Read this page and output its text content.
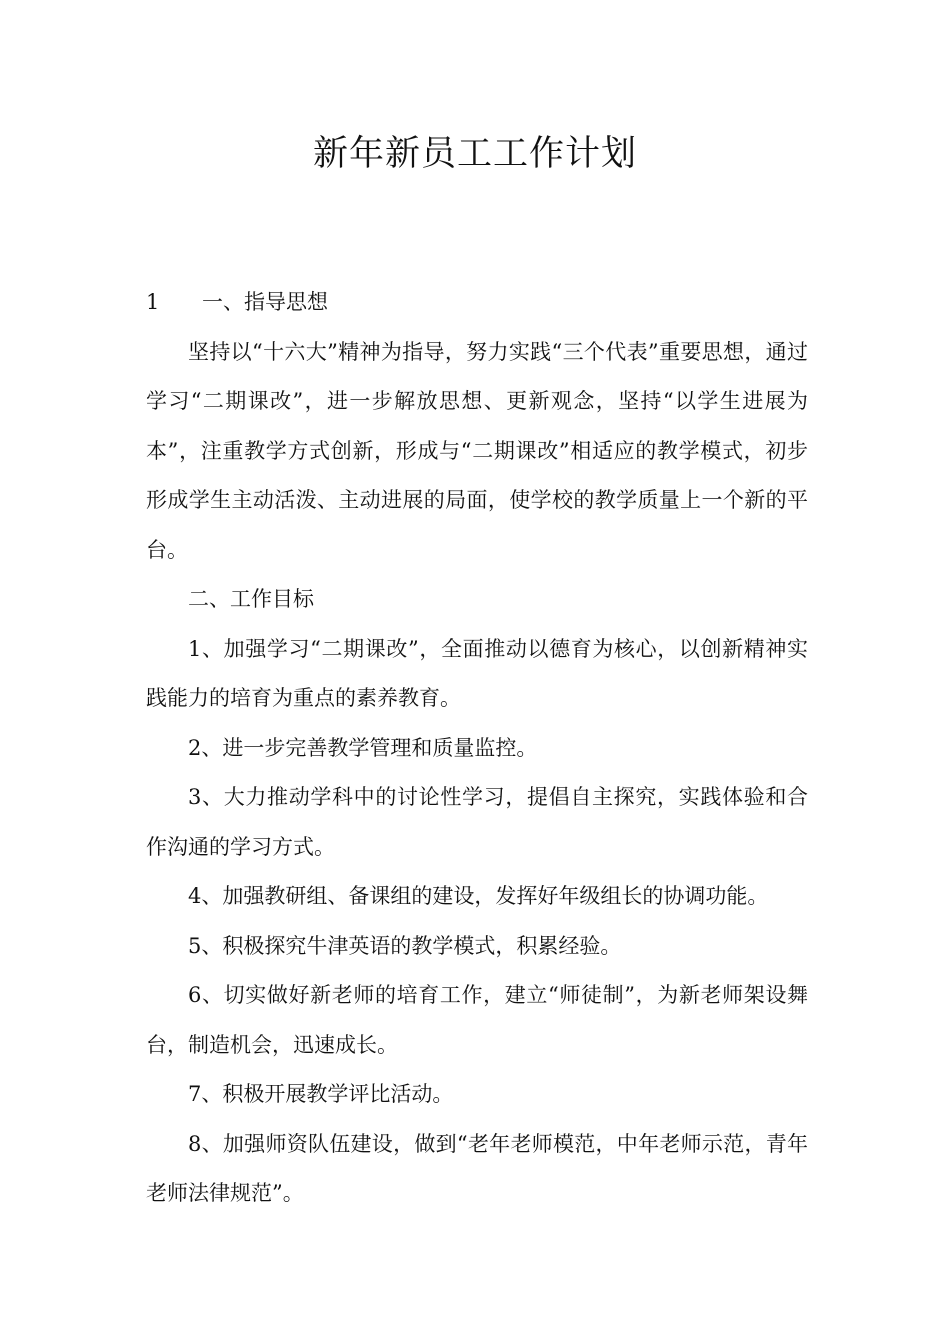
新年新员工工作计划
1	一、指导思想

坚持以“十六大”精神为指导，努力实践“三个代表”重要思想，通过学习“二期课改”，进一步解放思想、更新观念，坚持“以学生进展为本”，注重教学方式创新，形成与“二期课改”相适应的教学模式，初步形成学生主动活泼、主动进展的局面，使学校的教学质量上一个新的平台。

二、工作目标

1、加强学习“二期课改”，全面推动以德育为核心，以创新精神实践能力的培育为重点的素养教育。

2、进一步完善教学管理和质量监控。

3、大力推动学科中的讨论性学习，提倡自主探究，实践体验和合作沟通的学习方式。

4、加强教研组、备课组的建设，发挥好年级组长的协调功能。

5、积极探究牛津英语的教学模式，积累经验。

6、切实做好新老师的培育工作，建立“师徒制”，为新老师架设舞台，制造机会，迅速成长。

7、积极开展教学评比活动。

8、加强师资队伍建设，做到“老年老师模范，中年老师示范，青年老师法律规范”。
